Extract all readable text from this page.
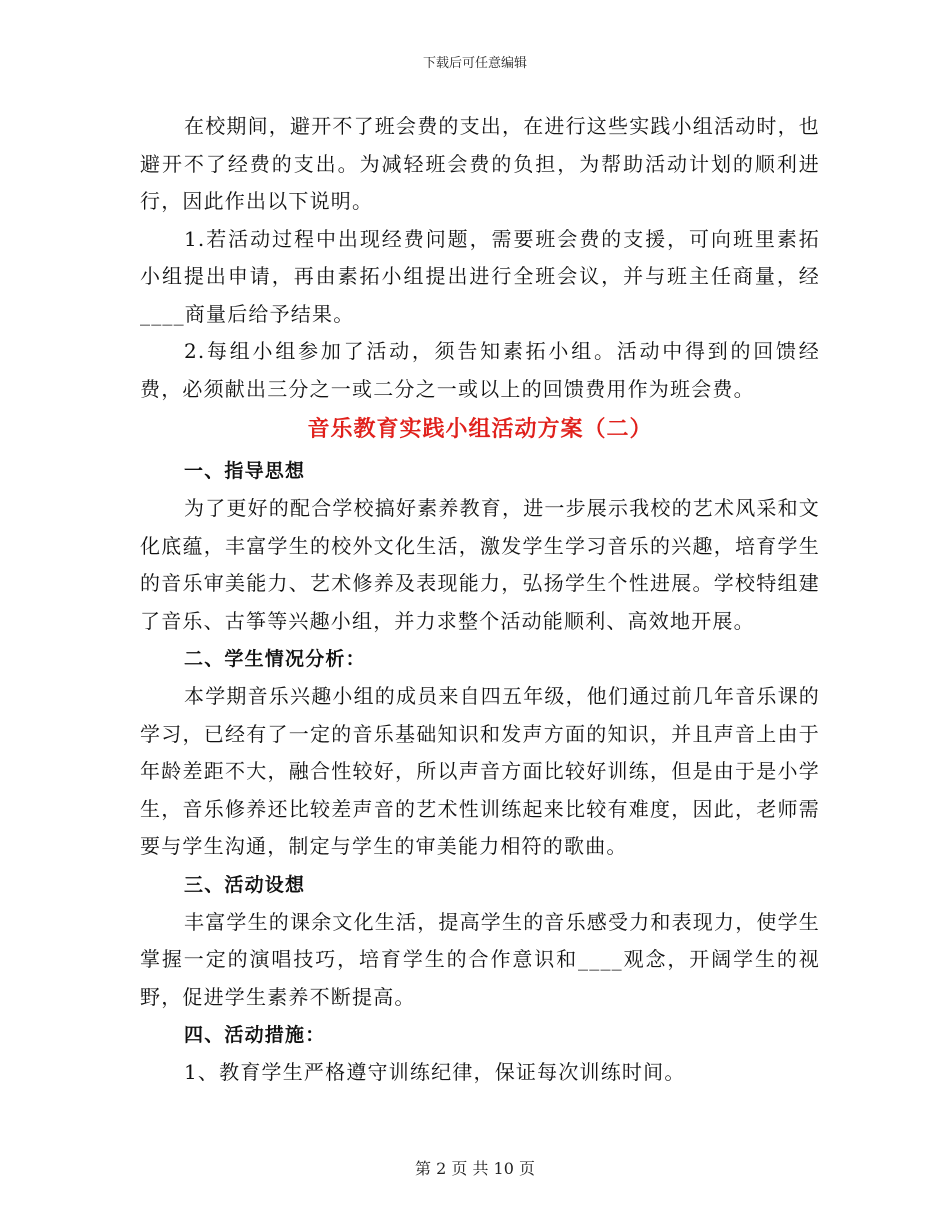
下载后可任意编辑

在校期间，避开不了班会费的支出，在进行这些实践小组活动时，也避开不了经费的支出。为减轻班会费的负担，为帮助活动计划的顺利进行，因此作出以下说明。

1.若活动过程中出现经费问题，需要班会费的支援，可向班里素拓小组提出申请，再由素拓小组提出进行全班会议，并与班主任商量，经____商量后给予结果。

2.每组小组参加了活动，须告知素拓小组。活动中得到的回馈经费，必须献出三分之一或二分之一或以上的回馈费用作为班会费。

音乐教育实践小组活动方案（二）
一、指导思想

为了更好的配合学校搞好素养教育，进一步展示我校的艺术风采和文化底蕴，丰富学生的校外文化生活，激发学生学习音乐的兴趣，培育学生的音乐审美能力、艺术修养及表现能力，弘扬学生个性进展。学校特组建了音乐、古筝等兴趣小组，并力求整个活动能顺利、高效地开展。

二、学生情况分析：

本学期音乐兴趣小组的成员来自四五年级，他们通过前几年音乐课的学习，已经有了一定的音乐基础知识和发声方面的知识，并且声音上由于年龄差距不大，融合性较好，所以声音方面比较好训练，但是由于是小学生，音乐修养还比较差声音的艺术性训练起来比较有难度，因此，老师需要与学生沟通，制定与学生的审美能力相符的歌曲。

三、活动设想

丰富学生的课余文化生活，提高学生的音乐感受力和表现力，使学生掌握一定的演唱技巧，培育学生的合作意识和____观念，开阔学生的视野，促进学生素养不断提高。

四、活动措施：

1、教育学生严格遵守训练纪律，保证每次训练时间。

第 2 页 共 10 页
